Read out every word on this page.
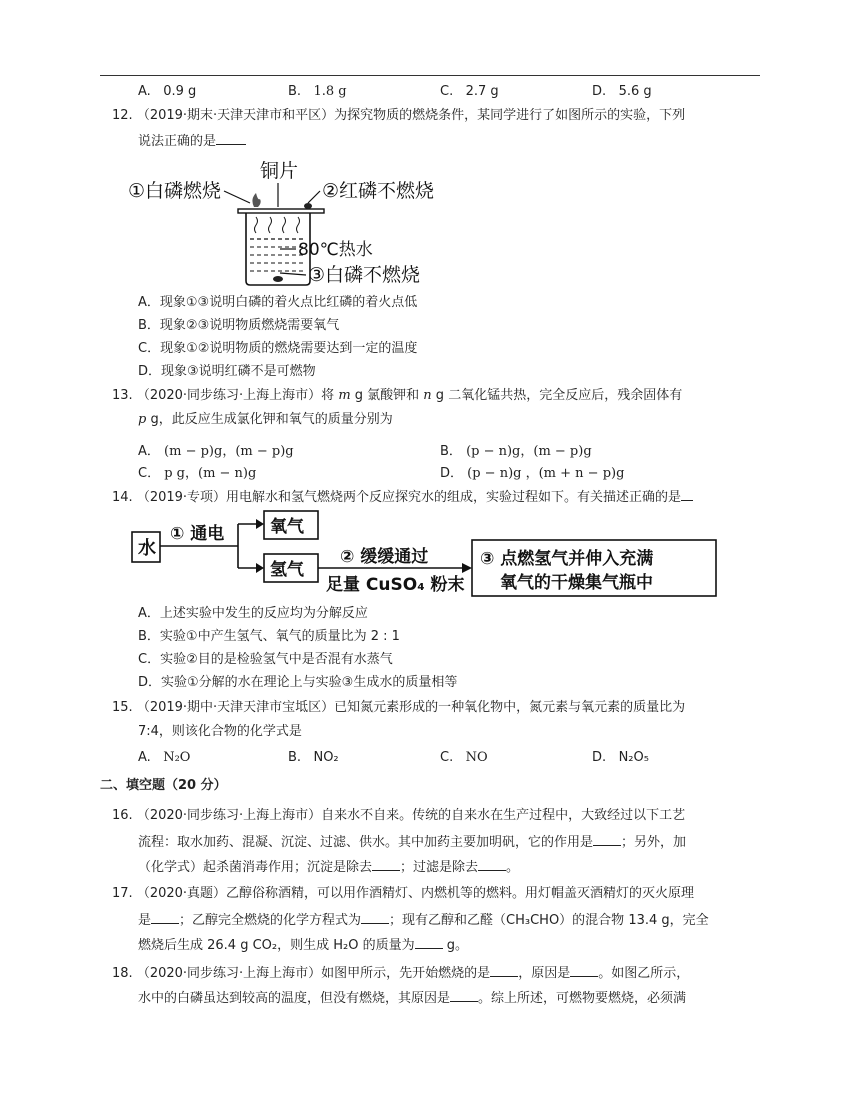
A. 0.9 g	B. 1.8 g	C. 2.7 g	D. 5.6 g
12. （2019·期末·天津天津市和平区）为探究物质的燃烧条件，某同学进行了如图所示的实验，下列
说法正确的是
①白磷燃烧
铜片
②红磷不燃烧
80℃热水
③白磷不燃烧
A．现象①③说明白磷的着火点比红磷的着火点低
B．现象②③说明物质燃烧需要氧气
C．现象①②说明物质的燃烧需要达到一定的温度
D．现象③说明红磷不是可燃物
13. （2020·同步练习·上海上海市）将 m g 氯酸钾和 n g 二氧化锰共热，完全反应后，残余固体有
p g，此反应生成氯化钾和氧气的质量分别为
A． (m − p)g，(m − p)g	B． (p − n)g，(m − p)g
C． p g，(m − n)g	D． (p − n)g ，(m + n − p)g
14. （2019·专项）用电解水和氢气燃烧两个反应探究水的组成，实验过程如下。有关描述正确的是
水
① 通电	氧气
氢气
② 缓缓通过
足量 CuSO₄ 粉末
③ 点燃氢气并伸入充满
氧气的干燥集气瓶中
A．上述实验中发生的反应均为分解反应
B．实验①中产生氢气、氧气的质量比为 2 : 1
C．实验②目的是检验氢气中是否混有水蒸气
D．实验①分解的水在理论上与实验③生成水的质量相等
15. （2019·期中·天津天津市宝坻区）已知氮元素形成的一种氧化物中，氮元素与氧元素的质量比为
7:4，则该化合物的化学式是
A. N₂O	B. NO₂	C. NO	D. N₂O₅
二、填空题（20 分）
16. （2020·同步练习·上海上海市）自来水不自来。传统的自来水在生产过程中，大致经过以下工艺
流程：取水加药、混凝、沉淀、过滤、供水。其中加药主要加明矾，它的作用是 ；另外，加
（化学式）起杀菌消毒作用；沉淀是除去 ；过滤是除去 。
17. （2020·真题）乙醇俗称酒精，可以用作酒精灯、内燃机等的燃料。用灯帽盖灭酒精灯的灭火原理
是 ；乙醇完全燃烧的化学方程式为 ；现有乙醇和乙醛（CH₃CHO）的混合物 13.4 g，完全
燃烧后生成 26.4 g CO₂，则生成 H₂O 的质量为 g。
18. （2020·同步练习·上海上海市）如图甲所示，先开始燃烧的是 ，原因是 。如图乙所示，
水中的白磷虽达到较高的温度，但没有燃烧，其原因是 。综上所述，可燃物要燃烧，必须满
